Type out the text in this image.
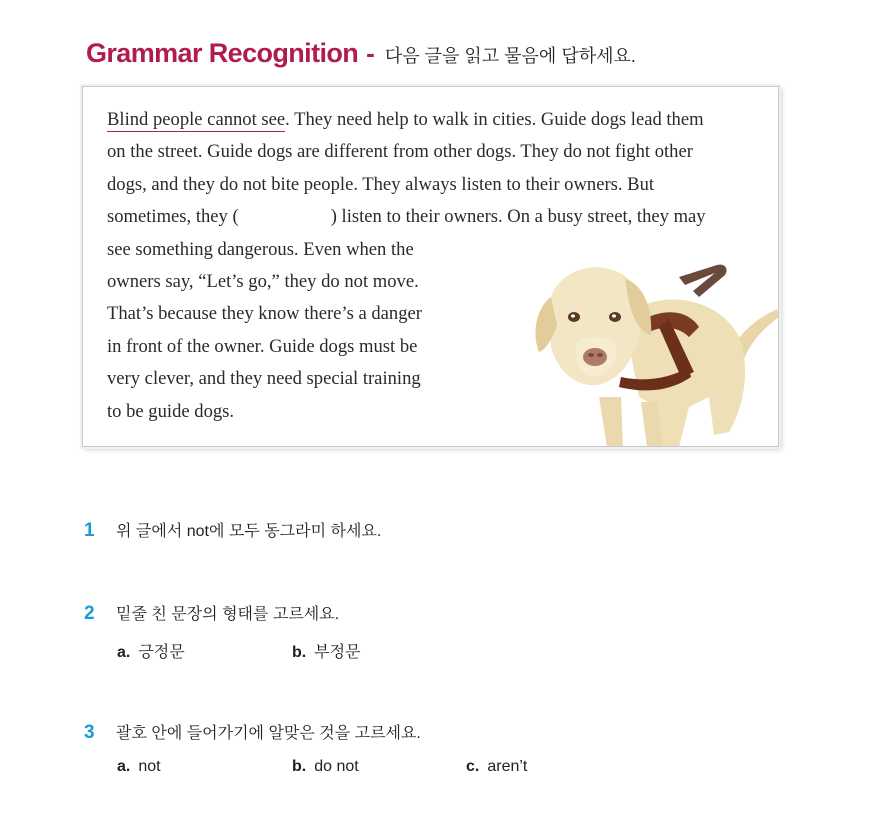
Grammar Recognition - 다음 글을 읽고 물음에 답하세요.

Blind people cannot see. They need help to walk in cities. Guide dogs lead them
on the street. Guide dogs are different from other dogs. They do not fight other
dogs, and they do not bite people. They always listen to their owners. But
sometimes, they (	) listen to their owners. On a busy street, they may
see something dangerous. Even when the
owners say, “Let’s go,” they do not move.
That’s because they know there’s a danger
in front of the owner. Guide dogs must be
very clever, and they need special training
to be guide dogs.

1	위 글에서 not에 모두 동그라미 하세요.
2	밑줄 친 문장의 형태를 고르세요.
a. 긍정문	b. 부정문
3	괄호 안에 들어가기에 알맞은 것을 고르세요.
a. not	b. do not	c. aren’t
